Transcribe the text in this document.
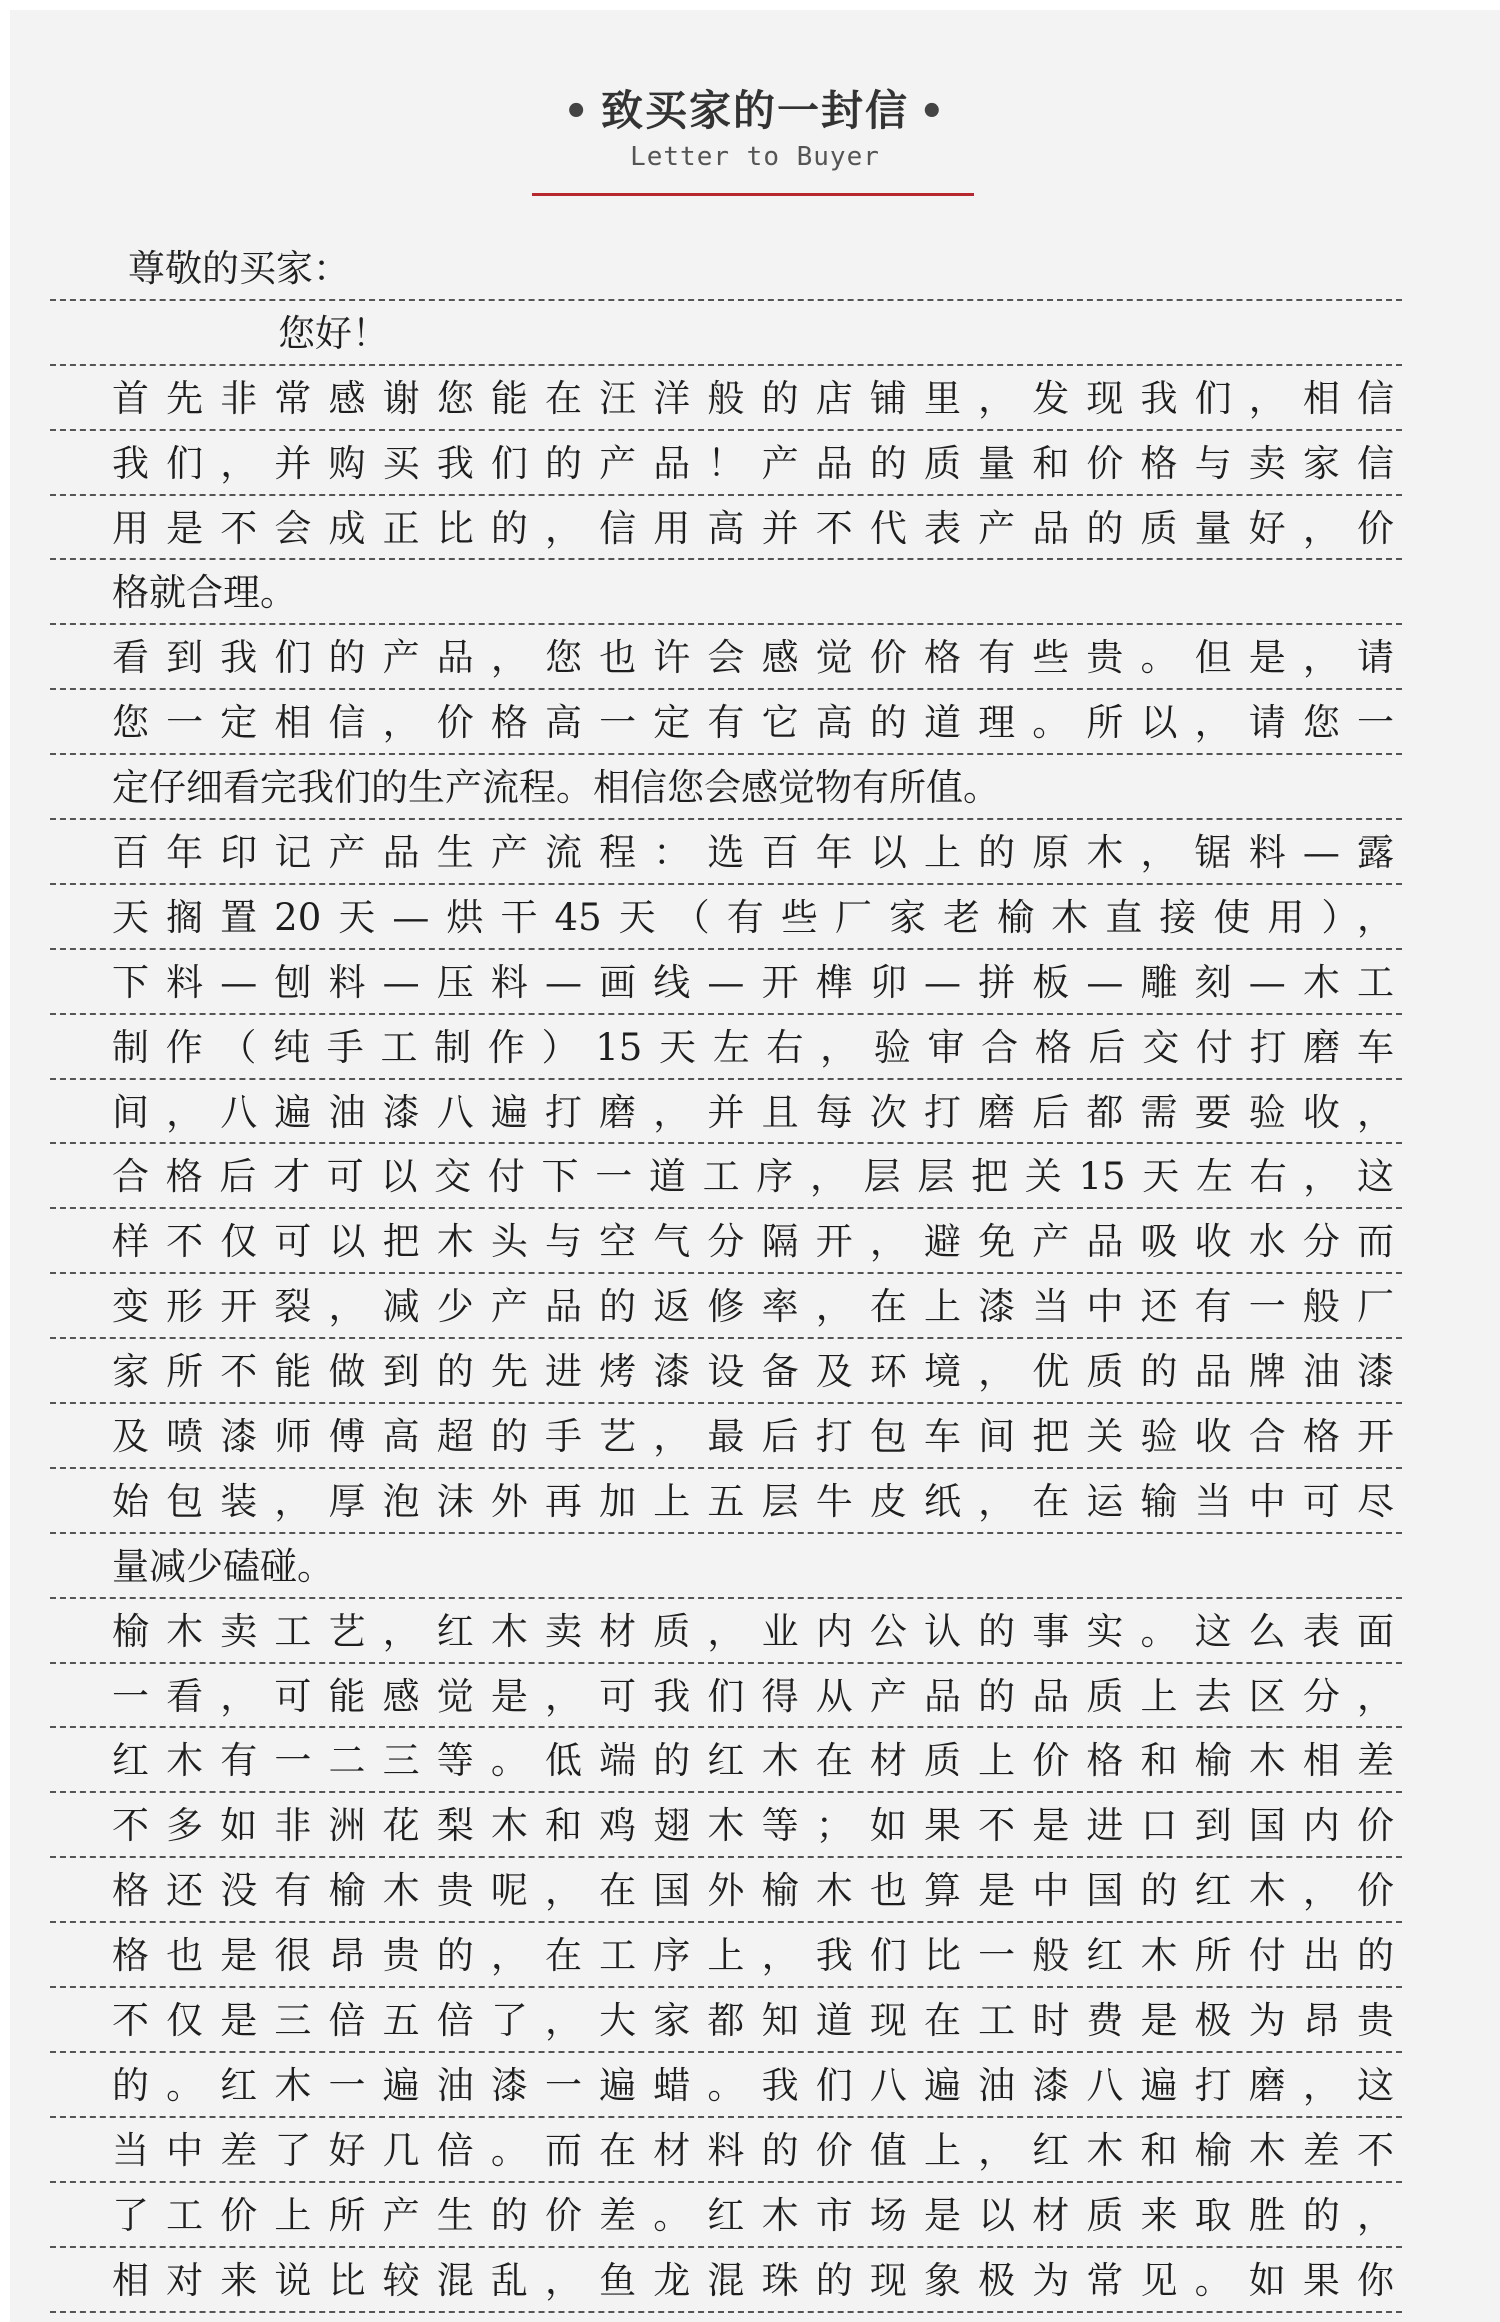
• 致买家的一封信 •
Letter to Buyer
尊敬的买家：
您好！
首先非常感谢您能在汪洋般的店铺里，发现我们，相信
我们，并购买我们的产品！产品的质量和价格与卖家信
用是不会成正比的，信用高并不代表产品的质量好，价
格就合理。
看到我们的产品，您也许会感觉价格有些贵。但是，请
您一定相信，价格高一定有它高的道理。所以，请您一
定仔细看完我们的生产流程。相信您会感觉物有所值。
百年印记产品生产流程：选百年以上的原木，锯料—露
天搁置20天—烘干45天（有些厂家老榆木直接使用），
下料—刨料—压料—画线—开榫卯—拼板—雕刻—木工
制作（纯手工制作）15天左右，验审合格后交付打磨车
间，八遍油漆八遍打磨，并且每次打磨后都需要验收，
合格后才可以交付下一道工序，层层把关15天左右，这
样不仅可以把木头与空气分隔开，避免产品吸收水分而
变形开裂，减少产品的返修率，在上漆当中还有一般厂
家所不能做到的先进烤漆设备及环境，优质的品牌油漆
及喷漆师傅高超的手艺，最后打包车间把关验收合格开
始包装，厚泡沫外再加上五层牛皮纸，在运输当中可尽
量减少磕碰。
榆木卖工艺，红木卖材质，业内公认的事实。这么表面
一看，可能感觉是，可我们得从产品的品质上去区分，
红木有一二三等。低端的红木在材质上价格和榆木相差
不多如非洲花梨木和鸡翅木等；如果不是进口到国内价
格还没有榆木贵呢，在国外榆木也算是中国的红木，价
格也是很昂贵的，在工序上，我们比一般红木所付出的
不仅是三倍五倍了，大家都知道现在工时费是极为昂贵
的。红木一遍油漆一遍蜡。我们八遍油漆八遍打磨，这
当中差了好几倍。而在材料的价值上，红木和榆木差不
了工价上所产生的价差。红木市场是以材质来取胜的，
相对来说比较混乱，鱼龙混珠的现象极为常见。如果你
